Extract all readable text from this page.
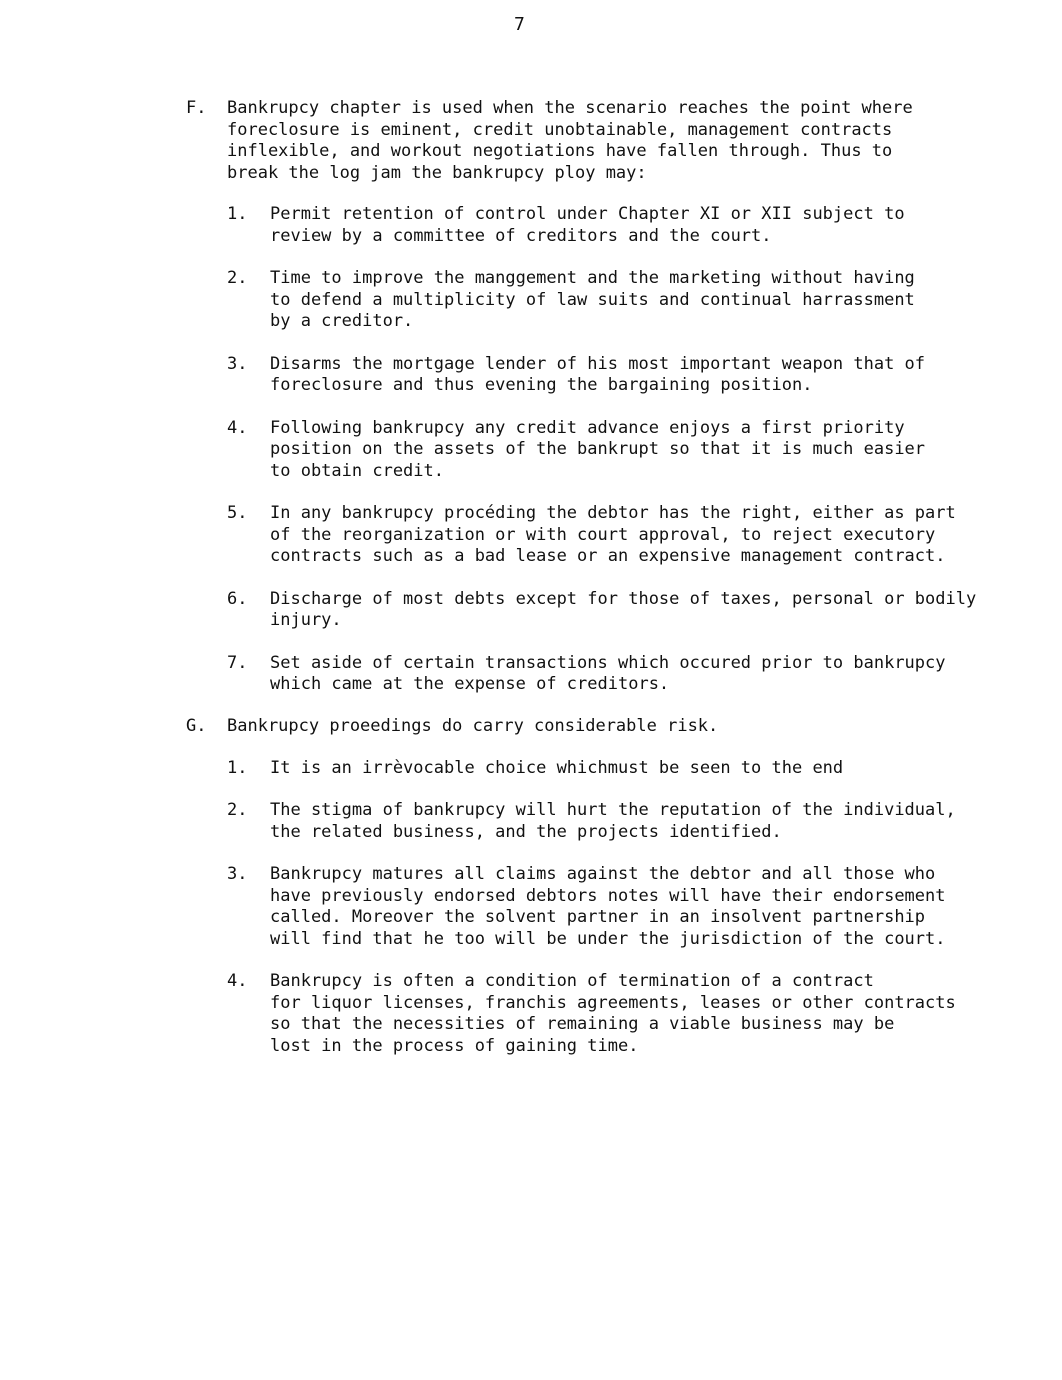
7
F. Bankrupcy chapter is used when the scenario reaches the point where
foreclosure is eminent, credit unobtainable, management contracts
inflexible, and workout negotiations have fallen through. Thus to
break the log jam the bankrupcy ploy may:
1. Permit retention of control under Chapter XI or XII subject to
review by a committee of creditors and the court.
2. Time to improve the manggement and the marketing without having
to defend a multiplicity of law suits and continual harrassment
by a creditor.
3. Disarms the mortgage lender of his most important weapon that of
foreclosure and thus evening the bargaining position.
4. Following bankrupcy any credit advance enjoys a first priority
position on the assets of the bankrupt so that it is much easier
to obtain credit.
5. In any bankrupcy procéding the debtor has the right, either as part
of the reorganization or with court approval, to reject executory
contracts such as a bad lease or an expensive management contract.
6. Discharge of most debts except for those of taxes, personal or bodily
injury.
7. Set aside of certain transactions which occured prior to bankrupcy
which came at the expense of creditors.
G. Bankrupcy proeedings do carry considerable risk.
1. It is an irrèvocable choice whichmust be seen to the end
2. The stigma of bankrupcy will hurt the reputation of the individual,
the related business, and the projects identified.
3. Bankrupcy matures all claims against the debtor and all those who
have previously endorsed debtors notes will have their endorsement
called. Moreover the solvent partner in an insolvent partnership
will find that he too will be under the jurisdiction of the court.
4. Bankrupcy is often a condition of termination of a contract
for liquor licenses, franchis agreements, leases or other contracts
so that the necessities of remaining a viable business may be
lost in the process of gaining time.
